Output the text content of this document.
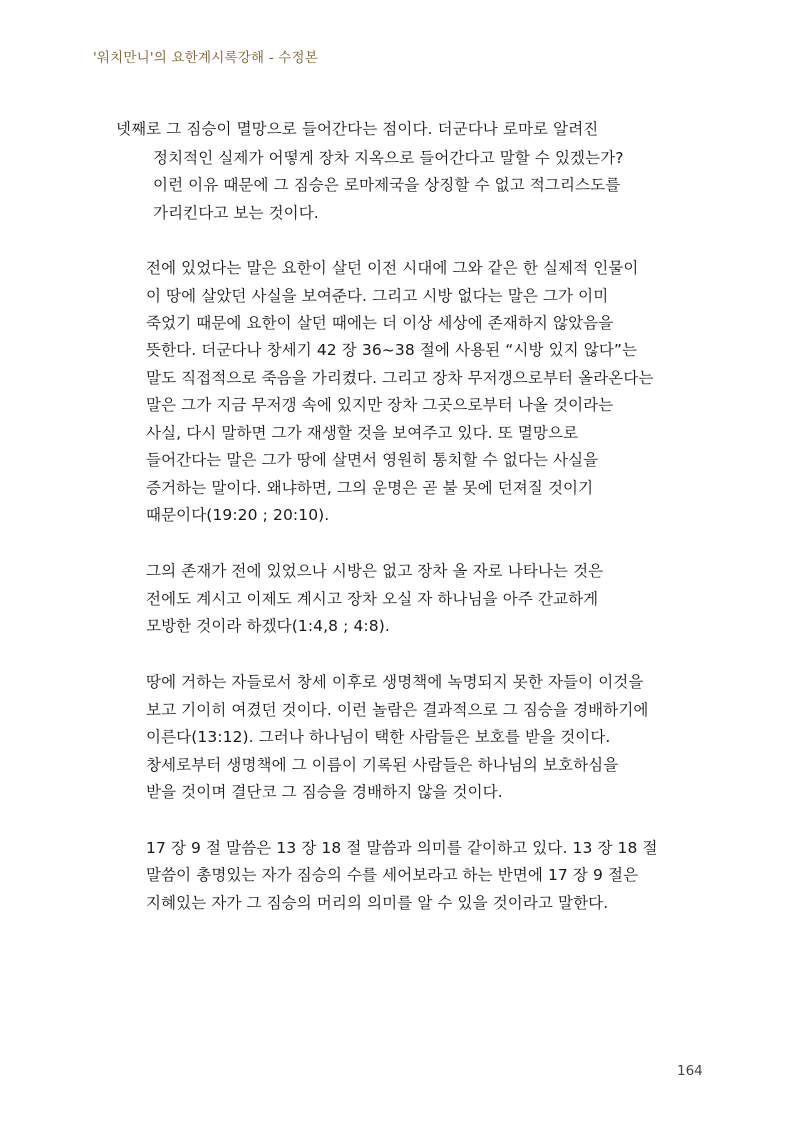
'워치만니'의 요한계시록강해 - 수정본
넷째로 그 짐승이 멸망으로 들어간다는 점이다. 더군다나 로마로 알려진
정치적인 실제가 어떻게 장차 지옥으로 들어간다고 말할 수 있겠는가?
이런 이유 때문에 그 짐승은 로마제국을 상징할 수 없고 적그리스도를
가리킨다고 보는 것이다.
전에 있었다는 말은 요한이 살던 이전 시대에 그와 같은 한 실제적 인물이
이 땅에 살았던 사실을 보여준다. 그리고 시방 없다는 말은 그가 이미
죽었기 때문에 요한이 살던 때에는 더 이상 세상에 존재하지 않았음을
뜻한다. 더군다나 창세기 42 장 36~38 절에 사용된 “시방 있지 않다”는
말도 직접적으로 죽음을 가리켰다. 그리고 장차 무저갱으로부터 올라온다는
말은 그가 지금 무저갱 속에 있지만 장차 그곳으로부터 나올 것이라는
사실, 다시 말하면 그가 재생할 것을 보여주고 있다. 또 멸망으로
들어간다는 말은 그가 땅에 살면서 영원히 통치할 수 없다는 사실을
증거하는 말이다. 왜냐하면, 그의 운명은 곧 불 못에 던져질 것이기
때문이다(19:20 ; 20:10).
그의 존재가 전에 있었으나 시방은 없고 장차 올 자로 나타나는 것은
전에도 계시고 이제도 계시고 장차 오실 자 하나님을 아주 간교하게
모방한 것이라 하겠다(1:4,8 ; 4:8).
땅에 거하는 자들로서 창세 이후로 생명책에 녹명되지 못한 자들이 이것을
보고 기이히 여겼던 것이다. 이런 놀람은 결과적으로 그 짐승을 경배하기에
이른다(13:12). 그러나 하나님이 택한 사람들은 보호를 받을 것이다.
창세로부터 생명책에 그 이름이 기록된 사람들은 하나님의 보호하심을
받을 것이며 결단코 그 짐승을 경배하지 않을 것이다.
17 장 9 절 말씀은 13 장 18 절 말씀과 의미를 같이하고 있다. 13 장 18 절
말씀이 총명있는 자가 짐승의 수를 세어보라고 하는 반면에 17 장 9 절은
지혜있는 자가 그 짐승의 머리의 의미를 알 수 있을 것이라고 말한다.
164
